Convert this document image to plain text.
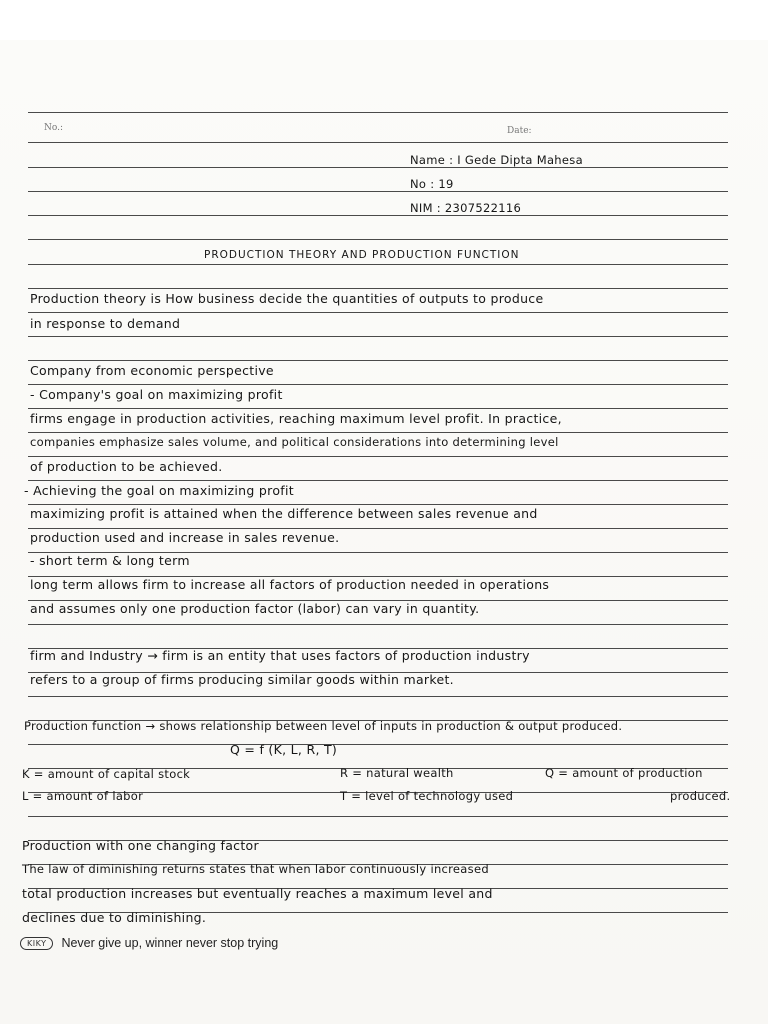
No.:	Date:
Name : I Gede Dipta Mahesa
No : 19
NIM : 2307522116
PRODUCTION THEORY AND PRODUCTION FUNCTION
Production theory is How business decide the quantities of outputs to produce
in response to demand
Company from economic perspective
- Company's goal on maximizing profit
firms engage in production activities, reaching maximum level profit. In practice,
companies emphasize sales volume, and political considerations into determining level
of production to be achieved.
- Achieving the goal on maximizing profit
maximizing profit is attained when the difference between sales revenue and
production used and increase in sales revenue.
- short term & long term
long term allows firm to increase all factors of production needed in operations
and assumes only one production factor (labor) can vary in quantity.
firm and Industry → firm is an entity that uses factors of production industry
refers to a group of firms producing similar goods within market.
Production function → shows relationship between level of inputs in production & output produced.
Q = f (K, L, R, T)
K = amount of capital stock	R = natural wealth	Q = amount of production
L = amount of labor	T = level of technology used	produced.
Production with one changing factor
The law of diminishing returns states that when labor continuously increased
total production increases but eventually reaches a maximum level and
declines due to diminishing.
KIKY	Never give up, winner never stop trying
